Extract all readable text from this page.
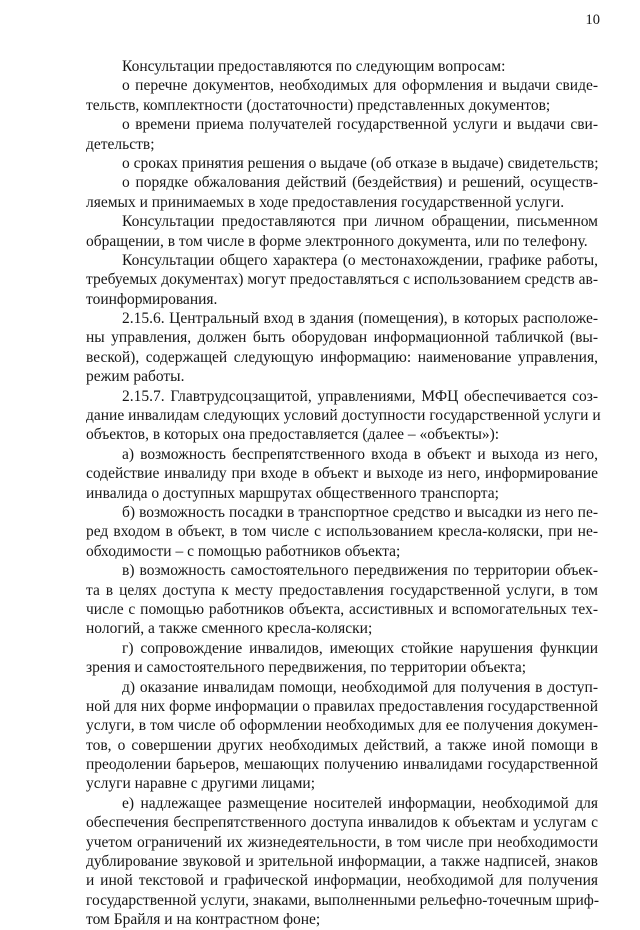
10
Консультации предоставляются по следующим вопросам:
о перечне документов, необходимых для оформления и выдачи свиде-
тельств, комплектности (достаточности) представленных документов;
о времени приема получателей государственной услуги и выдачи сви-
детельств;
о сроках принятия решения о выдаче (об отказе в выдаче) свидетельств;
о порядке обжалования действий (бездействия) и решений, осуществ-
ляемых и принимаемых в ходе предоставления государственной услуги.
Консультации предоставляются при личном обращении, письменном
обращении, в том числе в форме электронного документа, или по телефону.
Консультации общего характера (о местонахождении, графике работы,
требуемых документах) могут предоставляться с использованием средств ав-
тоинформирования.
2.15.6. Центральный вход в здания (помещения), в которых расположе-
ны управления, должен быть оборудован информационной табличкой (вы-
веской), содержащей следующую информацию: наименование управления,
режим работы.
2.15.7. Главтрудсоцзащитой, управлениями, МФЦ обеспечивается соз-
дание инвалидам следующих условий доступности государственной услуги и
объектов, в которых она предоставляется (далее – «объекты»):
а) возможность беспрепятственного входа в объект и выхода из него,
содействие инвалиду при входе в объект и выходе из него, информирование
инвалида о доступных маршрутах общественного транспорта;
б) возможность посадки в транспортное средство и высадки из него пе-
ред входом в объект, в том числе с использованием кресла-коляски, при не-
обходимости – с помощью работников объекта;
в) возможность самостоятельного передвижения по территории объек-
та в целях доступа к месту предоставления государственной услуги, в том
числе с помощью работников объекта, ассистивных и вспомогательных тех-
нологий, а также сменного кресла-коляски;
г) сопровождение инвалидов, имеющих стойкие нарушения функции
зрения и самостоятельного передвижения, по территории объекта;
д) оказание инвалидам помощи, необходимой для получения в доступ-
ной для них форме информации о правилах предоставления государственной
услуги, в том числе об оформлении необходимых для ее получения докумен-
тов, о совершении других необходимых действий, а также иной помощи в
преодолении барьеров, мешающих получению инвалидами государственной
услуги наравне с другими лицами;
е) надлежащее размещение носителей информации, необходимой для
обеспечения беспрепятственного доступа инвалидов к объектам и услугам с
учетом ограничений их жизнедеятельности, в том числе при необходимости
дублирование звуковой и зрительной информации, а также надписей, знаков
и иной текстовой и графической информации, необходимой для получения
государственной услуги, знаками, выполненными рельефно-точечным шриф-
том Брайля и на контрастном фоне;
